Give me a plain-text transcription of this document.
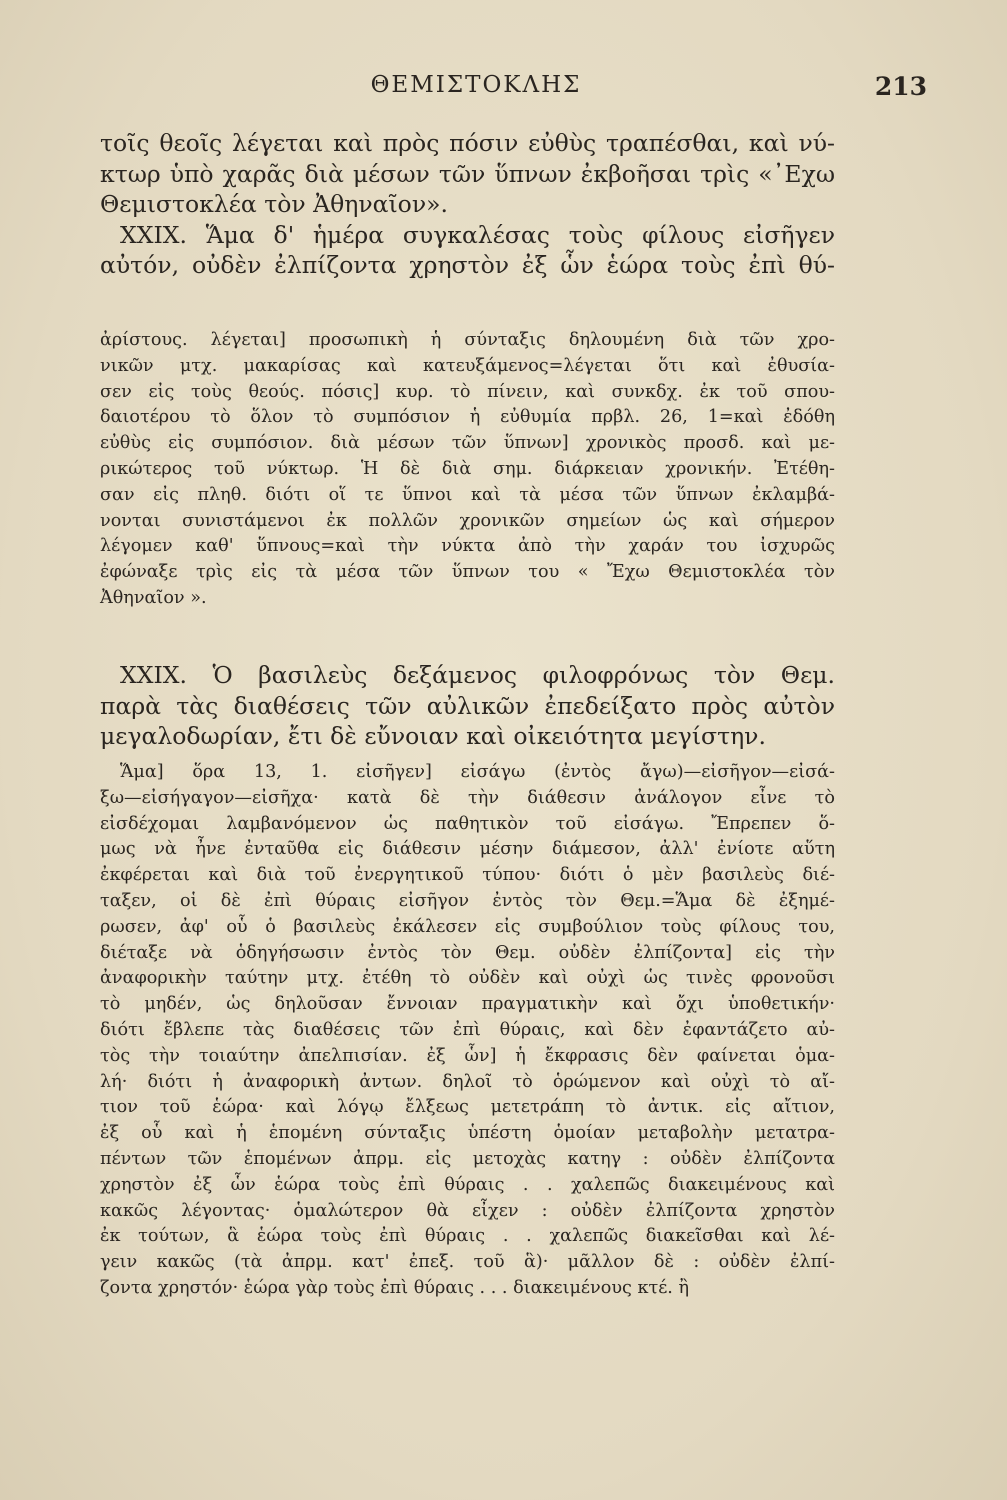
ΘΕΜΙΣΤΟΚΛΗΣ	213

τοῖς θεοῖς λέγεται καὶ πρὸς πόσιν εὐθὺς τραπέσθαι, καὶ νύ-

κτωρ ὑπὸ χαρᾶς διὰ μέσων τῶν ὕπνων ἐκβοῆσαι τρὶς «᾿Εχω

Θεμιστοκλέα τὸν Ἀθηναῖον».

XXIX. Ἅμα δ' ἡμέρα συγκαλέσας τοὺς φίλους εἰσῆγεν

αὐτόν, οὐδὲν ἐλπίζοντα χρηστὸν ἐξ ὧν ἑώρα τοὺς ἐπὶ θύ-

ἀρίστους. λέγεται] προσωπικὴ ἡ σύνταξις δηλουμένη διὰ τῶν χρο-

νικῶν μτχ. μακαρίσας καὶ κατευξάμενος=λέγεται ὅτι καὶ ἐθυσία-

σεν εἰς τοὺς θεούς. πόσις] κυρ. τὸ πίνειν, καὶ συνκδχ. ἐκ τοῦ σπου-

δαιοτέρου τὸ ὅλον τὸ συμπόσιον ἡ εὐθυμία πρβλ. 26, 1=καὶ ἐδόθη

εὐθὺς εἰς συμπόσιον. διὰ μέσων τῶν ὕπνων] χρονικὸς προσδ. καὶ με-

ρικώτερος τοῦ νύκτωρ. Ἡ δὲ διὰ σημ. διάρκειαν χρονικήν. Ἐτέθη-

σαν εἰς πληθ. διότι οἵ τε ὕπνοι καὶ τὰ μέσα τῶν ὕπνων ἐκλαμβά-

νονται συνιστάμενοι ἐκ πολλῶν χρονικῶν σημείων ὡς καὶ σήμερον

λέγομεν καθ' ὕπνους=καὶ τὴν νύκτα ἀπὸ τὴν χαράν του ἰσχυρῶς

ἐφώναξε τρὶς εἰς τὰ μέσα τῶν ὕπνων του « Ἔχω Θεμιστοκλέα τὸν

Ἀθηναῖον ».

XXIX. Ὁ βασιλεὺς δεξάμενος φιλοφρόνως τὸν Θεμ.

παρὰ τὰς διαθέσεις τῶν αὐλικῶν ἐπεδείξατο πρὸς αὐτὸν

μεγαλοδωρίαν, ἔτι δὲ εὔνοιαν καὶ οἰκειότητα μεγίστην.

Ἅμα] ὅρα 13, 1. εἰσῆγεν] εἰσάγω (ἐντὸς ἄγω)—εἰσῆγον—εἰσά-

ξω—εἰσήγαγον—εἰσῆχα· κατὰ δὲ τὴν διάθεσιν ἀνάλογον εἶνε τὸ

εἰσδέχομαι λαμβανόμενον ὡς παθητικὸν τοῦ εἰσάγω. Ἔπρεπεν ὅ-

μως νὰ ἦνε ἐνταῦθα εἰς διάθεσιν μέσην διάμεσον, ἀλλ' ἐνίοτε αὕτη

ἐκφέρεται καὶ διὰ τοῦ ἐνεργητικοῦ τύπου· διότι ὁ μὲν βασιλεὺς διέ-

ταξεν, οἱ δὲ ἐπὶ θύραις εἰσῆγον ἐντὸς τὸν Θεμ.=Ἅμα δὲ ἐξημέ-

ρωσεν, ἀφ' οὗ ὁ βασιλεὺς ἐκάλεσεν εἰς συμβούλιον τοὺς φίλους του,

διέταξε νὰ ὁδηγήσωσιν ἐντὸς τὸν Θεμ. οὐδὲν ἐλπίζοντα] εἰς τὴν

ἀναφορικὴν ταύτην μτχ. ἐτέθη τὸ οὐδὲν καὶ οὐχὶ ὡς τινὲς φρονοῦσι

τὸ μηδέν, ὡς δηλοῦσαν ἔννοιαν πραγματικὴν καὶ ὄχι ὑποθετικήν·

διότι ἔβλεπε τὰς διαθέσεις τῶν ἐπὶ θύραις, καὶ δὲν ἐφαντάζετο αὐ-

τὸς τὴν τοιαύτην ἀπελπισίαν. ἐξ ὧν] ἡ ἔκφρασις δὲν φαίνεται ὁμα-

λή· διότι ἡ ἀναφορικὴ ἀντων. δηλοῖ τὸ ὁρώμενον καὶ οὐχὶ τὸ αἴ-

τιον τοῦ ἑώρα· καὶ λόγῳ ἔλξεως μετετράπη τὸ ἀντικ. εἰς αἴτιον,

ἐξ οὗ καὶ ἡ ἑπομένη σύνταξις ὑπέστη ὁμοίαν μεταβολὴν μετατρα-

πέντων τῶν ἑπομένων ἀπρμ. εἰς μετοχὰς κατηγ : οὐδὲν ἐλπίζοντα

χρηστὸν ἐξ ὧν ἑώρα τοὺς ἐπὶ θύραις . . χαλεπῶς διακειμένους καὶ

κακῶς λέγοντας· ὁμαλώτερον θὰ εἶχεν : οὐδὲν ἐλπίζοντα χρηστὸν

ἐκ τούτων, ἃ ἑώρα τοὺς ἐπὶ θύραις . . χαλεπῶς διακεῖσθαι καὶ λέ-

γειν κακῶς (τὰ ἀπρμ. κατ' ἐπεξ. τοῦ ἃ)· μᾶλλον δὲ : οὐδὲν ἐλπί-

ζοντα χρηστόν· ἑώρα γὰρ τοὺς ἐπὶ θύραις . . . διακειμένους κτέ. ἢ
